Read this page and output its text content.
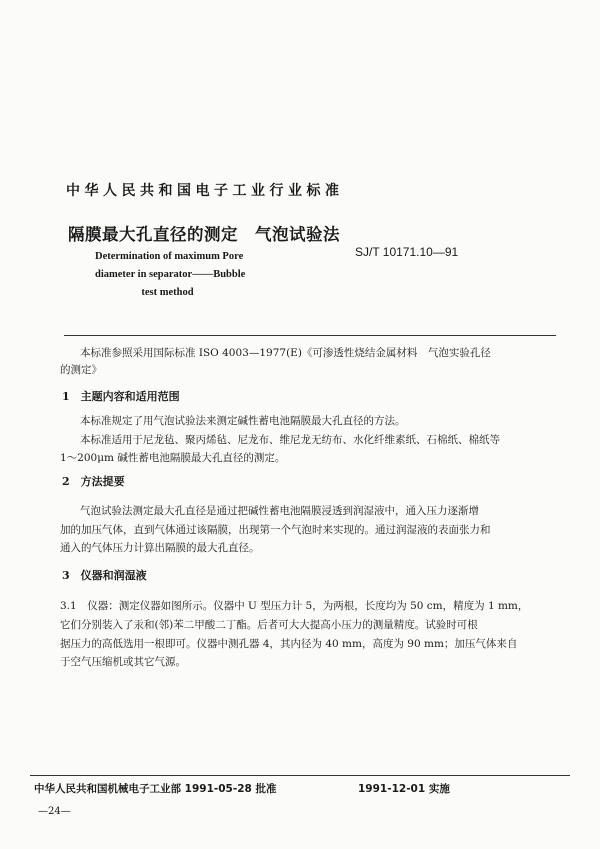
中华人民共和国电子工业行业标准
隔膜最大孔直径的测定　气泡试验法
SJ/T 10171.10—91
Determination of maximum Pore
diameter in separator——Bubble
test method
本标准参照采用国际标准 ISO 4003—1977(E)《可渗透性烧结金属材料　气泡实验孔径
的测定》
1　主题内容和适用范围
本标准规定了用气泡试验法来测定碱性蓄电池隔膜最大孔直径的方法。
本标准适用于尼龙毡、聚丙烯毡、尼龙布、维尼龙无纺布、水化纤维素纸、石棉纸、棉纸等
1～200μm 碱性蓄电池隔膜最大孔直径的测定。
2　方法提要
气泡试验法测定最大孔直径是通过把碱性蓄电池隔膜浸透到润湿液中，通入压力逐渐增
加的加压气体，直到气体通过该隔膜，出现第一个气泡时来实现的。通过润湿液的表面张力和
通入的气体压力计算出隔膜的最大孔直径。
3　仪器和润湿液
3.1　仪器：测定仪器如图所示。仪器中 U 型压力计 5，为两根，长度均为 50 cm，精度为 1 mm，
它们分别装入了汞和(邻)苯二甲酸二丁酯。后者可大大提高小压力的测量精度。试验时可根
据压力的高低选用一根即可。仪器中测孔器 4，其内径为 40 mm，高度为 90 mm；加压气体来自
于空气压缩机或其它气源。
中华人民共和国机械电子工业部 1991-05-28 批准	1991-12-01 实施
—24—
